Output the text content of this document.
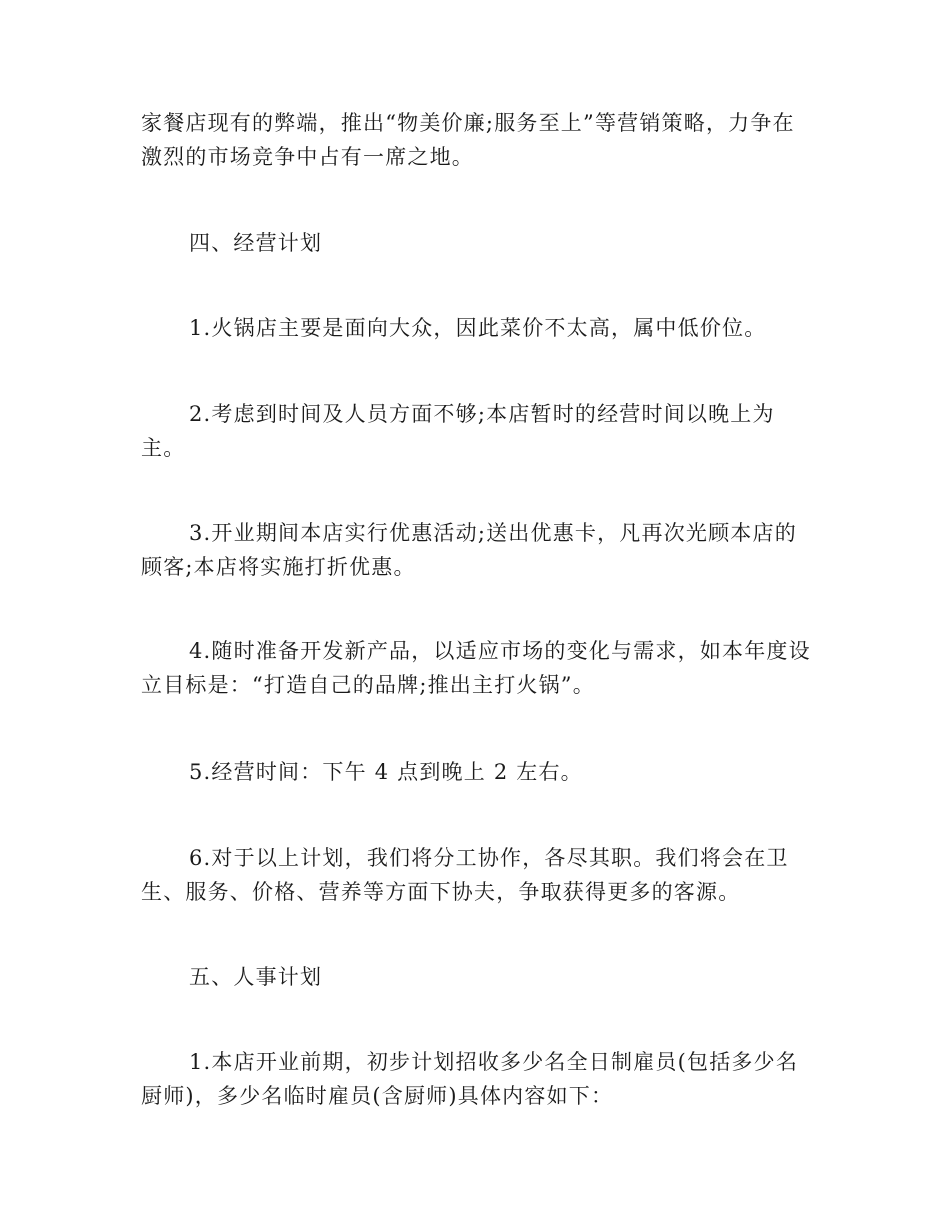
家餐店现有的弊端，推出“物美价廉;服务至上”等营销策略，力争在激烈的市场竞争中占有一席之地。

四、经营计划

1.火锅店主要是面向大众，因此菜价不太高，属中低价位。

2.考虑到时间及人员方面不够;本店暂时的经营时间以晚上为主。

3.开业期间本店实行优惠活动;送出优惠卡，凡再次光顾本店的顾客;本店将实施打折优惠。

4.随时准备开发新产品，以适应市场的变化与需求，如本年度设立目标是：“打造自己的品牌;推出主打火锅”。

5.经营时间：下午 4 点到晚上 2 左右。

6.对于以上计划，我们将分工协作，各尽其职。我们将会在卫生、服务、价格、营养等方面下协夫，争取获得更多的客源。

五、人事计划

1.本店开业前期，初步计划招收多少名全日制雇员(包括多少名厨师)，多少名临时雇员(含厨师)具体内容如下：
